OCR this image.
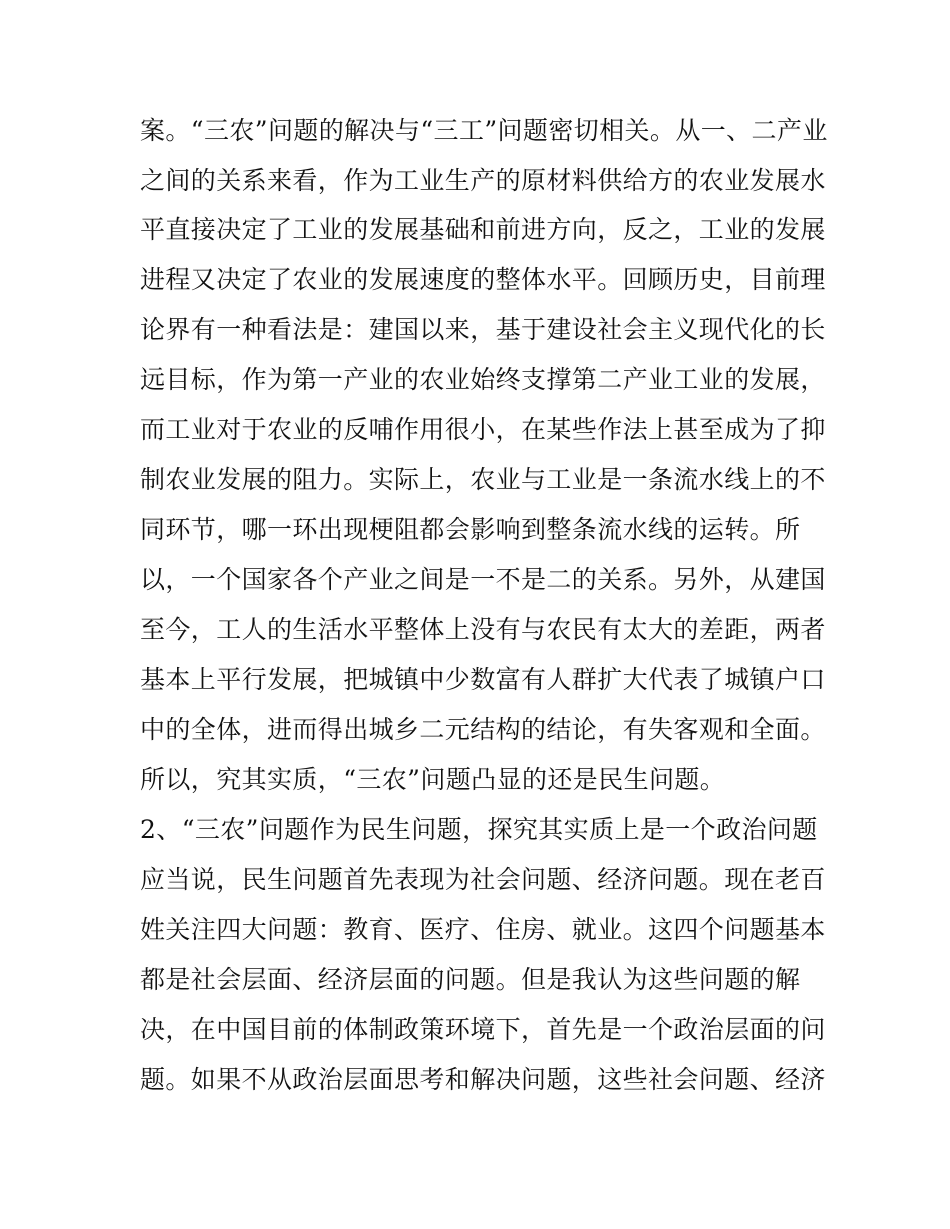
案。“三农”问题的解决与“三工”问题密切相关。从一、二产业
之间的关系来看，作为工业生产的原材料供给方的农业发展水
平直接决定了工业的发展基础和前进方向，反之，工业的发展
进程又决定了农业的发展速度的整体水平。回顾历史，目前理
论界有一种看法是：建国以来，基于建设社会主义现代化的长
远目标，作为第一产业的农业始终支撑第二产业工业的发展，
而工业对于农业的反哺作用很小，在某些作法上甚至成为了抑
制农业发展的阻力。实际上，农业与工业是一条流水线上的不
同环节，哪一环出现梗阻都会影响到整条流水线的运转。所
以，一个国家各个产业之间是一不是二的关系。另外，从建国
至今，工人的生活水平整体上没有与农民有太大的差距，两者
基本上平行发展，把城镇中少数富有人群扩大代表了城镇户口
中的全体，进而得出城乡二元结构的结论，有失客观和全面。
所以，究其实质，“三农”问题凸显的还是民生问题。
2、“三农”问题作为民生问题，探究其实质上是一个政治问题
应当说，民生问题首先表现为社会问题、经济问题。现在老百
姓关注四大问题：教育、医疗、住房、就业。这四个问题基本
都是社会层面、经济层面的问题。但是我认为这些问题的解
决，在中国目前的体制政策环境下，首先是一个政治层面的问
题。如果不从政治层面思考和解决问题，这些社会问题、经济
